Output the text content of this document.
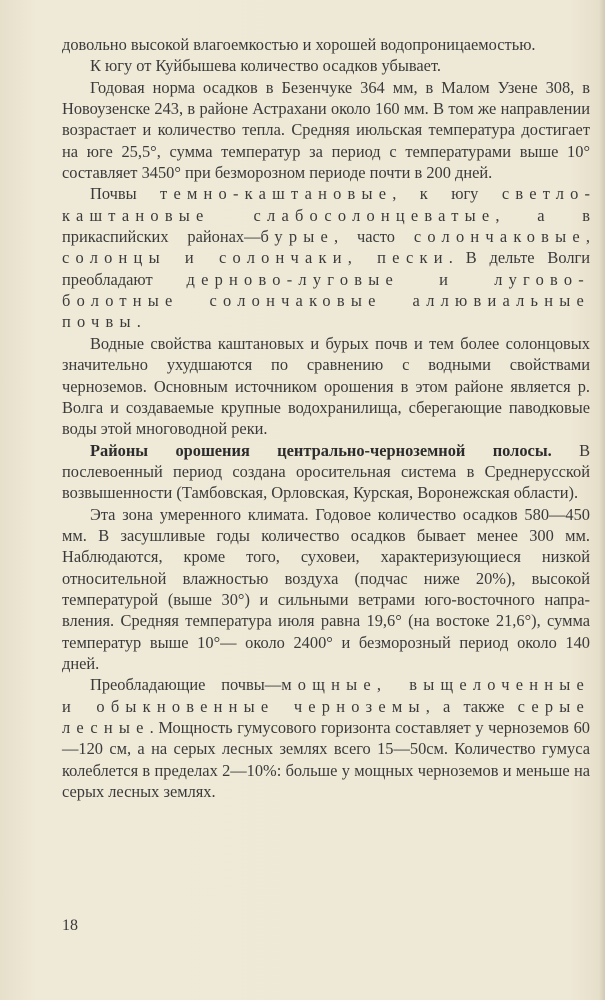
довольно высокой влагоемкостью и хорошей водопроницаемостью.

К югу от Куйбышева количество осадков убывает.

Годовая норма осадков в Безенчуке 364 мм, в Малом Узене 308, в Новоузенске 243, в районе Астрахани около 160 мм. В том же направлении возрастает и количество тепла. Средняя июльская температура достигает на юге 25,5°, сумма температур за период с температурами выше 10° составляет 3450° при безморозном периоде почти в 200 дней.

Почвы темно-каштановые, к югу светлокаштановые слабосолонцеватые, а в прикаспийских районах—бурые, часто солончаковые, солонцы и солончаки, пески. В дельте Волги преобладают дерново-луговые и лугово-болотные солончаковые аллювиальные почвы.

Водные свойства каштановых и бурых почв и тем более солонцовых значительно ухудшаются по сравнению с водными свойствами черноземов. Основным источником орошения в этом районе является р. Волга и создаваемые крупные водохранилища, сберегающие паводковые воды этой многоводной реки.

Районы орошения центрально-черноземной полосы. В послевоенный период создана оросительная система в Среднерусской возвышенности (Тамбовская, Орловская, Курская, Воронежская области).

Эта зона умеренного климата. Годовое количество осадков 580—450 мм. В засушливые годы количество осадков бывает менее 300 мм. Наблюдаются, кроме того, суховеи, характеризующиеся низкой относительной влажностью воздуха (подчас ниже 20%), высокой температурой (выше 30°) и сильными ветрами юго-восточного направления. Средняя температура июля равна 19,6° (на востоке 21,6°), сумма температур выше 10°— около 2400° и безморозный период около 140 дней.

Преобладающие почвы—мощные, выщелоченные и обыкновенные черноземы, а также серые лесные. Мощность гумусового горизонта составляет у черноземов 60—120 см, а на серых лесных землях всего 15—50см. Количество гумуса колеблется в пределах 2—10%: больше у мощных черноземов и меньше на серых лесных землях.

18
